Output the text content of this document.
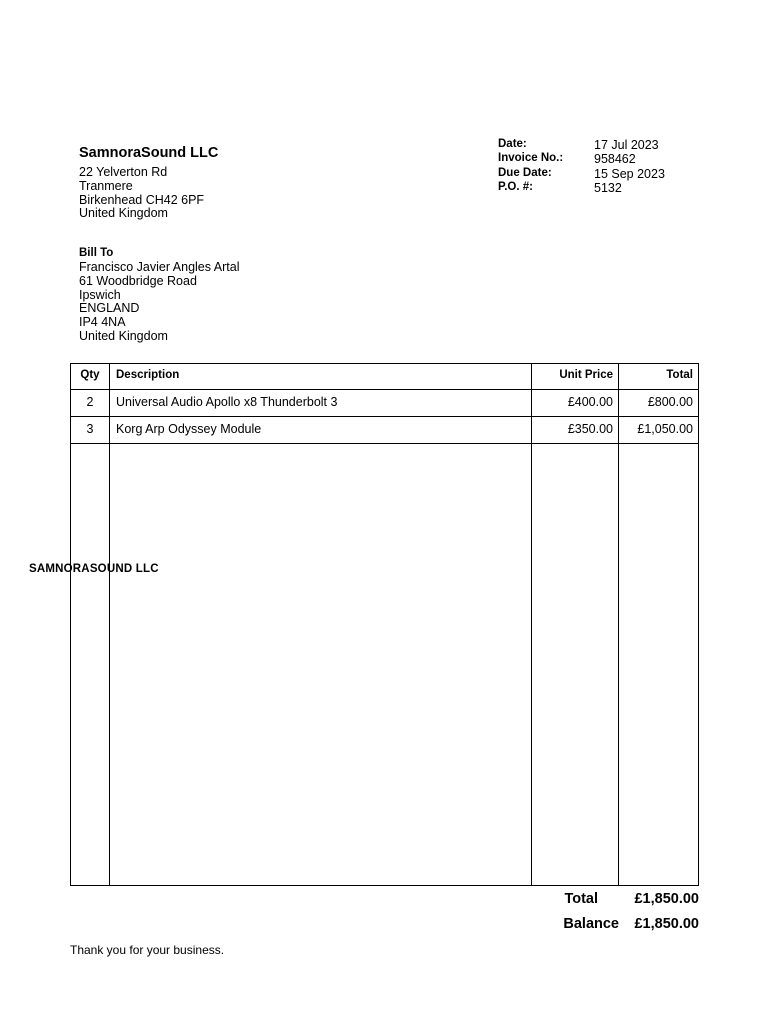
SamnoraSound LLC
22 Yelverton Rd
Tranmere
Birkenhead CH42 6PF
United Kingdom
Date:	17 Jul 2023
Invoice No.:	958462
Due Date:	15 Sep 2023
P.O. #:	5132
Bill To
Francisco Javier Angles Artal
61 Woodbridge Road
Ipswich
ENGLAND
IP4 4NA
United Kingdom
Qty	Description	Unit Price	Total
2	Universal Audio Apollo x8 Thunderbolt 3	£400.00	£800.00
3	Korg Arp Odyssey Module	£350.00	£1,050.00
SAMNORASOUND LLC
Total	£1,850.00
Balance	£1,850.00
Thank you for your business.
